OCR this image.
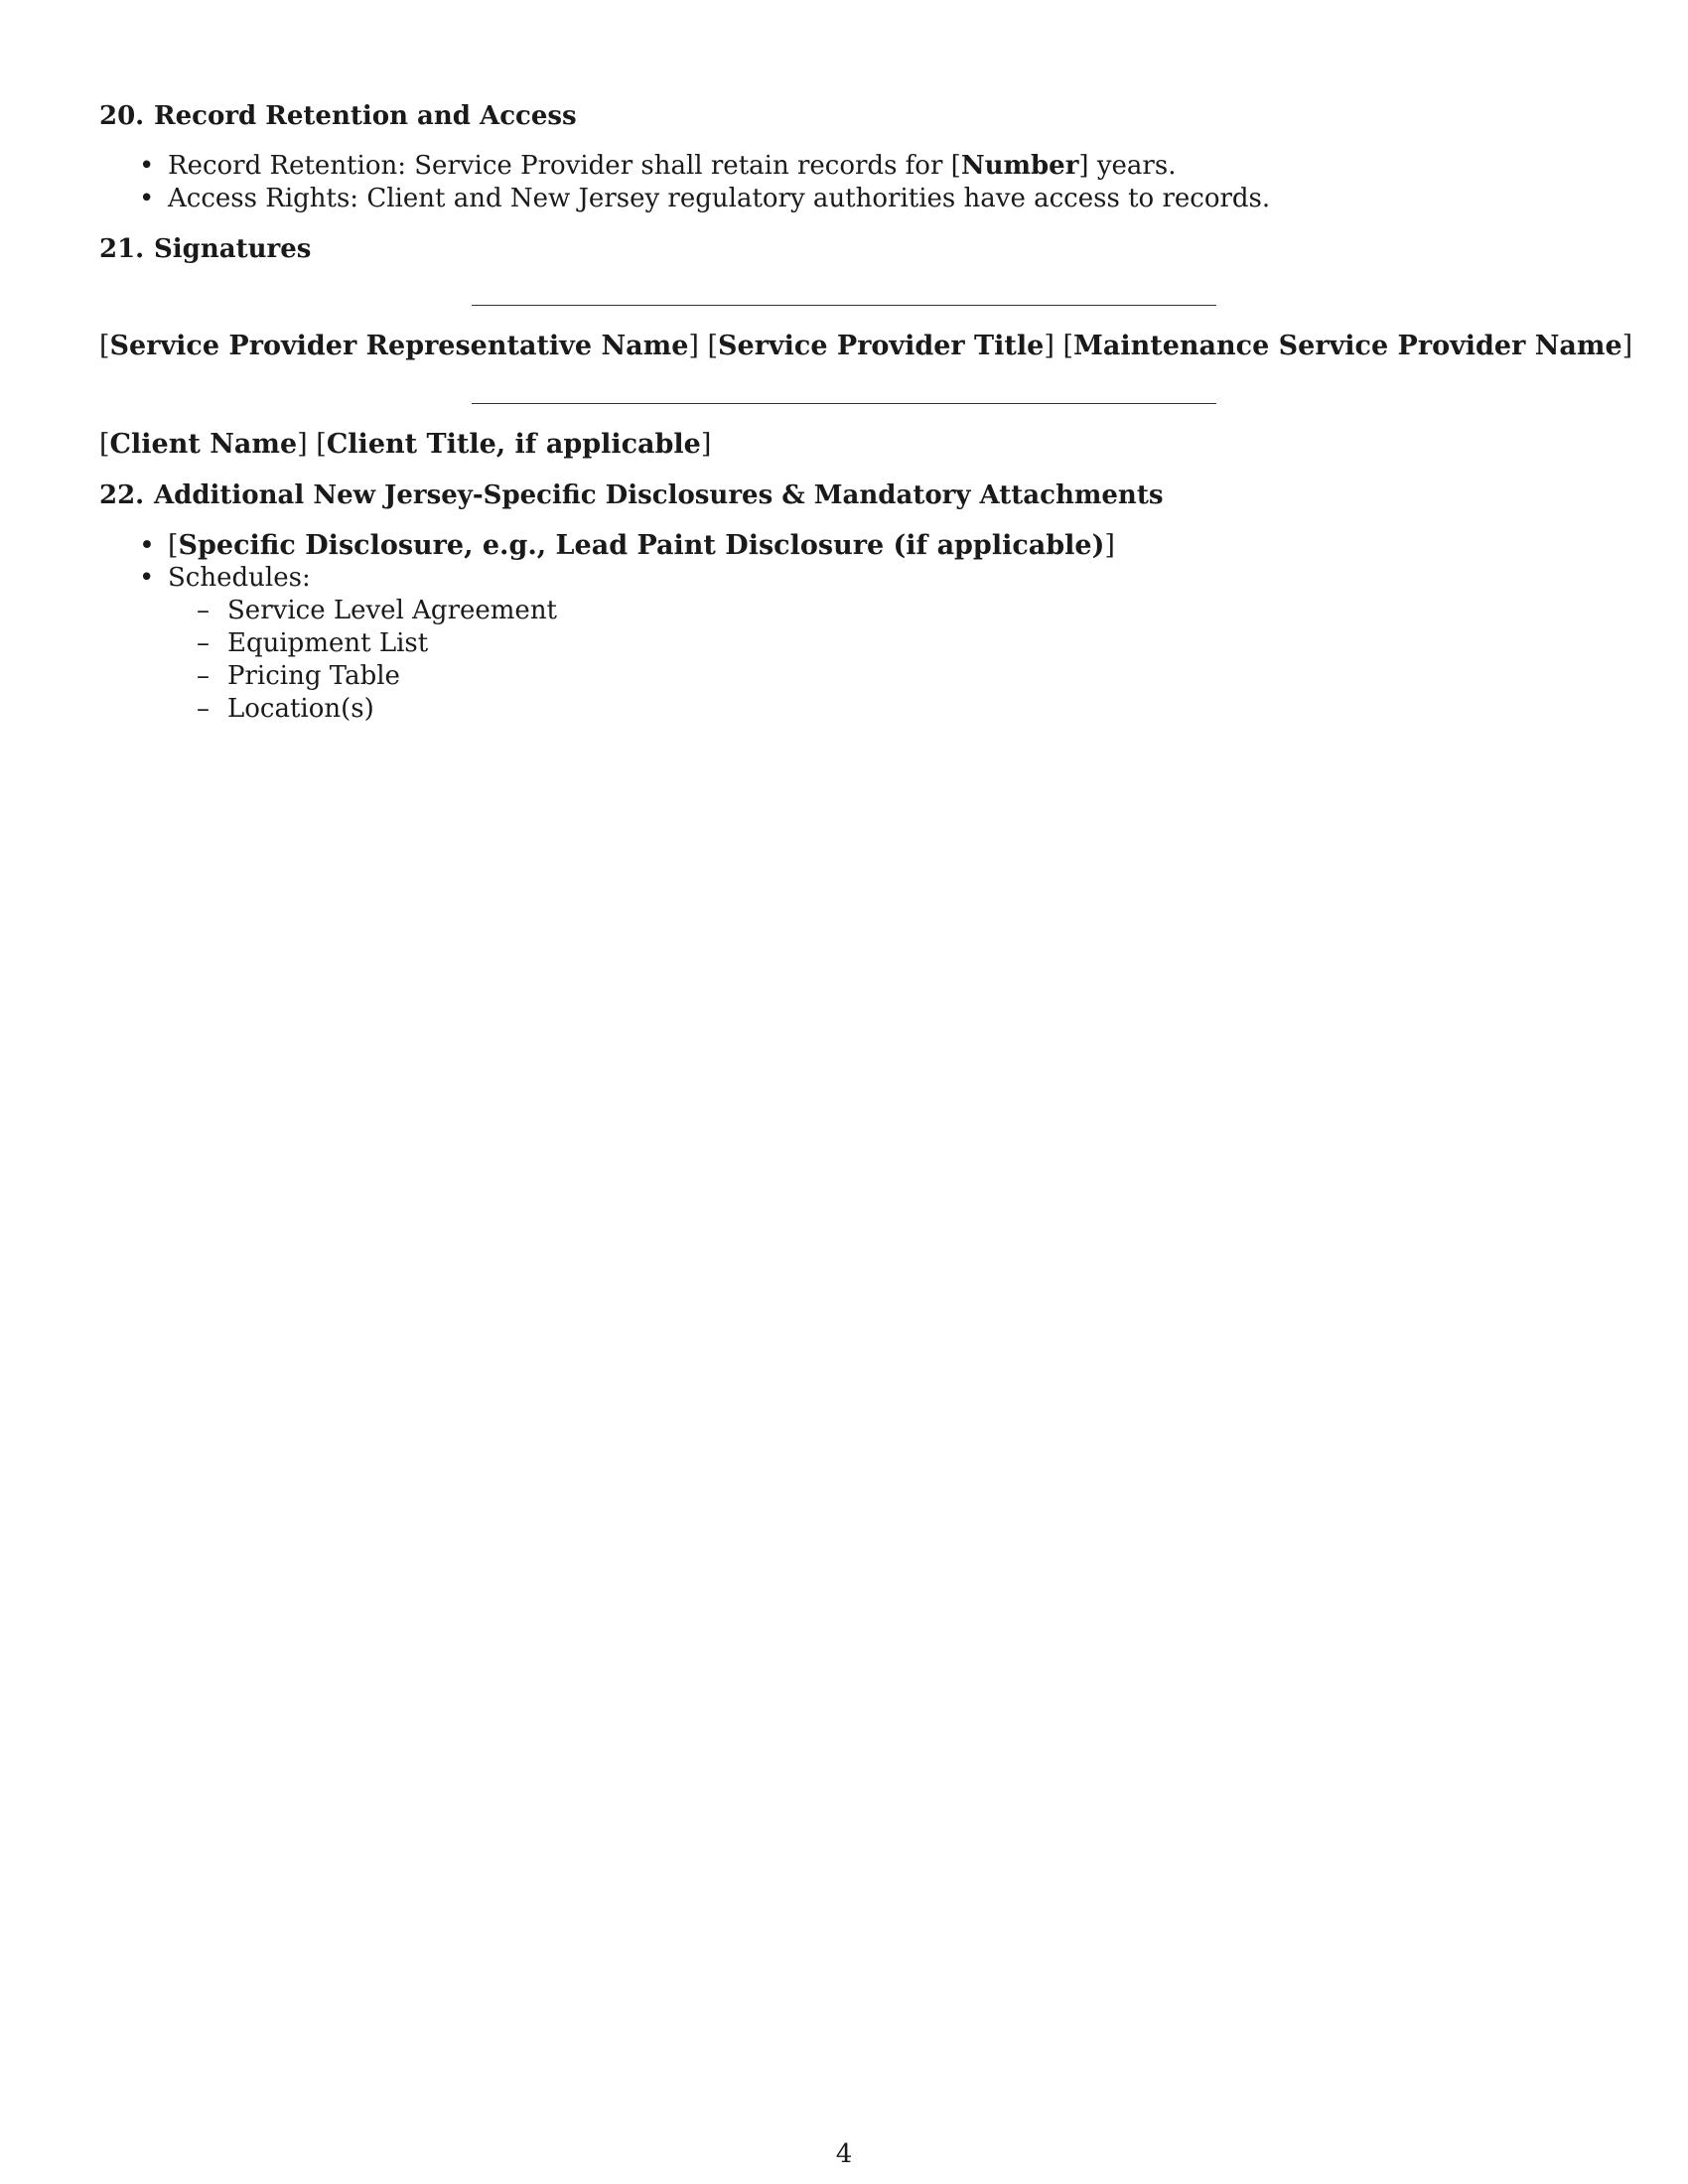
20. Record Retention and Access
• Record Retention: Service Provider shall retain records for [Number] years.
• Access Rights: Client and New Jersey regulatory authorities have access to records.
21. Signatures
[Service Provider Representative Name] [Service Provider Title] [Maintenance Service Provider Name]
[Client Name] [Client Title, if applicable]
22. Additional New Jersey-Specific Disclosures & Mandatory Attachments
• [Specific Disclosure, e.g., Lead Paint Disclosure (if applicable)]
• Schedules:
– Service Level Agreement
– Equipment List
– Pricing Table
– Location(s)
4
